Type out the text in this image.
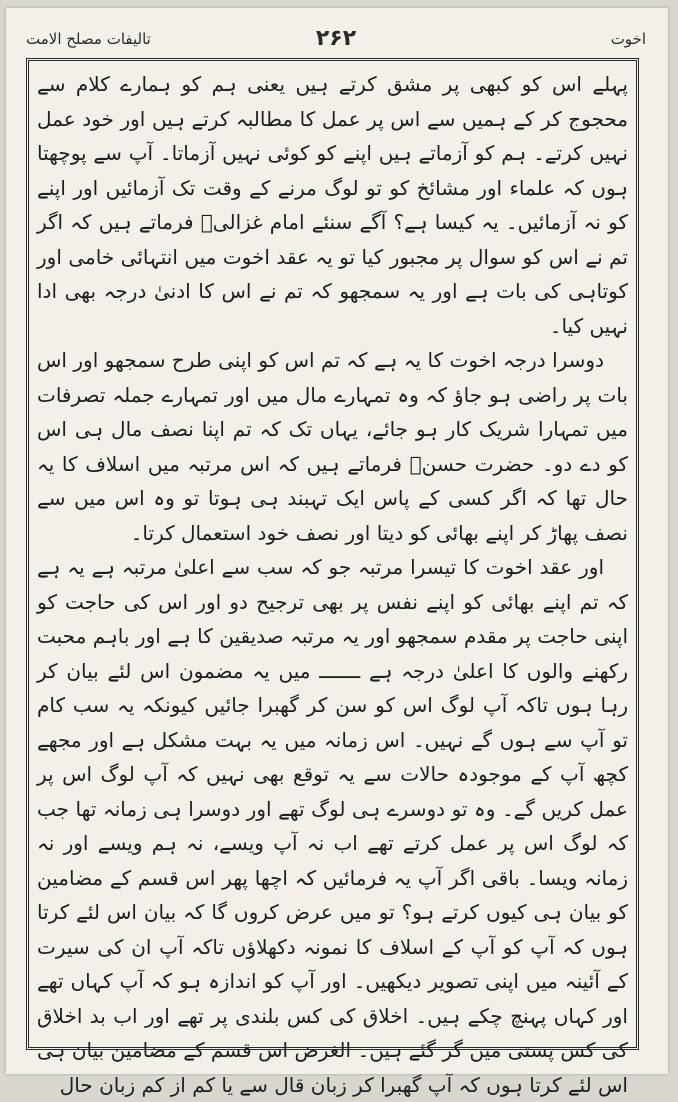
اخوت
۲۶۲
تالیفات مصلح الامت

پہلے اس کو کبھی پر مشق کرتے ہیں یعنی ہم کو ہمارے کلام سے محجوج کر کے ہمیں سے اس پر عمل کا مطالبہ کرتے ہیں اور خود عمل نہیں کرتے۔ ہم کو آزماتے ہیں اپنے کو کوئی نہیں آزماتا۔ آپ سے پوچھتا ہوں کہ علماء اور مشائخ کو تو لوگ مرنے کے وقت تک آزمائیں اور اپنے کو نہ آزمائیں۔ یہ کیسا ہے؟ آگے سنئے امام غزالیؒ فرماتے ہیں کہ اگر تم نے اس کو سوال پر مجبور کیا تو یہ عقد اخوت میں انتہائی خامی اور کوتاہی کی بات ہے اور یہ سمجھو کہ تم نے اس کا ادنیٰ درجہ بھی ادا نہیں کیا۔

دوسرا درجہ اخوت کا یہ ہے کہ تم اس کو اپنی طرح سمجھو اور اس بات پر راضی ہو جاؤ کہ وہ تمہارے مال میں اور تمہارے جملہ تصرفات میں تمہارا شریک کار ہو جائے، یہاں تک کہ تم اپنا نصف مال ہی اس کو دے دو۔ حضرت حسنؒ فرماتے ہیں کہ اس مرتبہ میں اسلاف کا یہ حال تھا کہ اگر کسی کے پاس ایک تہبند ہی ہوتا تو وہ اس میں سے نصف پھاڑ کر اپنے بھائی کو دیتا اور نصف خود استعمال کرتا۔

اور عقد اخوت کا تیسرا مرتبہ جو کہ سب سے اعلیٰ مرتبہ ہے یہ ہے کہ تم اپنے بھائی کو اپنے نفس پر بھی ترجیح دو اور اس کی حاجت کو اپنی حاجت پر مقدم سمجھو اور یہ مرتبہ صدیقین کا ہے اور باہم محبت رکھنے والوں کا اعلیٰ درجہ ہے ـــــــ میں یہ مضمون اس لئے بیان کر رہا ہوں تاکہ آپ لوگ اس کو سن کر گھبرا جائیں کیونکہ یہ سب کام تو آپ سے ہوں گے نہیں۔ اس زمانہ میں یہ بہت مشکل ہے اور مجھے کچھ آپ کے موجودہ حالات سے یہ توقع بھی نہیں کہ آپ لوگ اس پر عمل کریں گے۔ وہ تو دوسرے ہی لوگ تھے اور دوسرا ہی زمانہ تھا جب کہ لوگ اس پر عمل کرتے تھے اب نہ آپ ویسے، نہ ہم ویسے اور نہ زمانہ ویسا۔ باقی اگر آپ یہ فرمائیں کہ اچھا پھر اس قسم کے مضامین کو بیان ہی کیوں کرتے ہو؟ تو میں عرض کروں گا کہ بیان اس لئے کرتا ہوں کہ آپ کو آپ کے اسلاف کا نمونہ دکھلاؤں تاکہ آپ ان کی سیرت کے آئینہ میں اپنی تصویر دیکھیں۔ اور آپ کو اندازہ ہو کہ آپ کہاں تھے اور کہاں پہنچ چکے ہیں۔ اخلاق کی کس بلندی پر تھے اور اب بد اخلاق کی کس پستی میں گر گئے ہیں۔ الغرض اس قسم کے مضامین بیان ہی اس لئے کرتا ہوں کہ آپ گھبرا کر زبان قال سے یا کم از کم زبان حال
